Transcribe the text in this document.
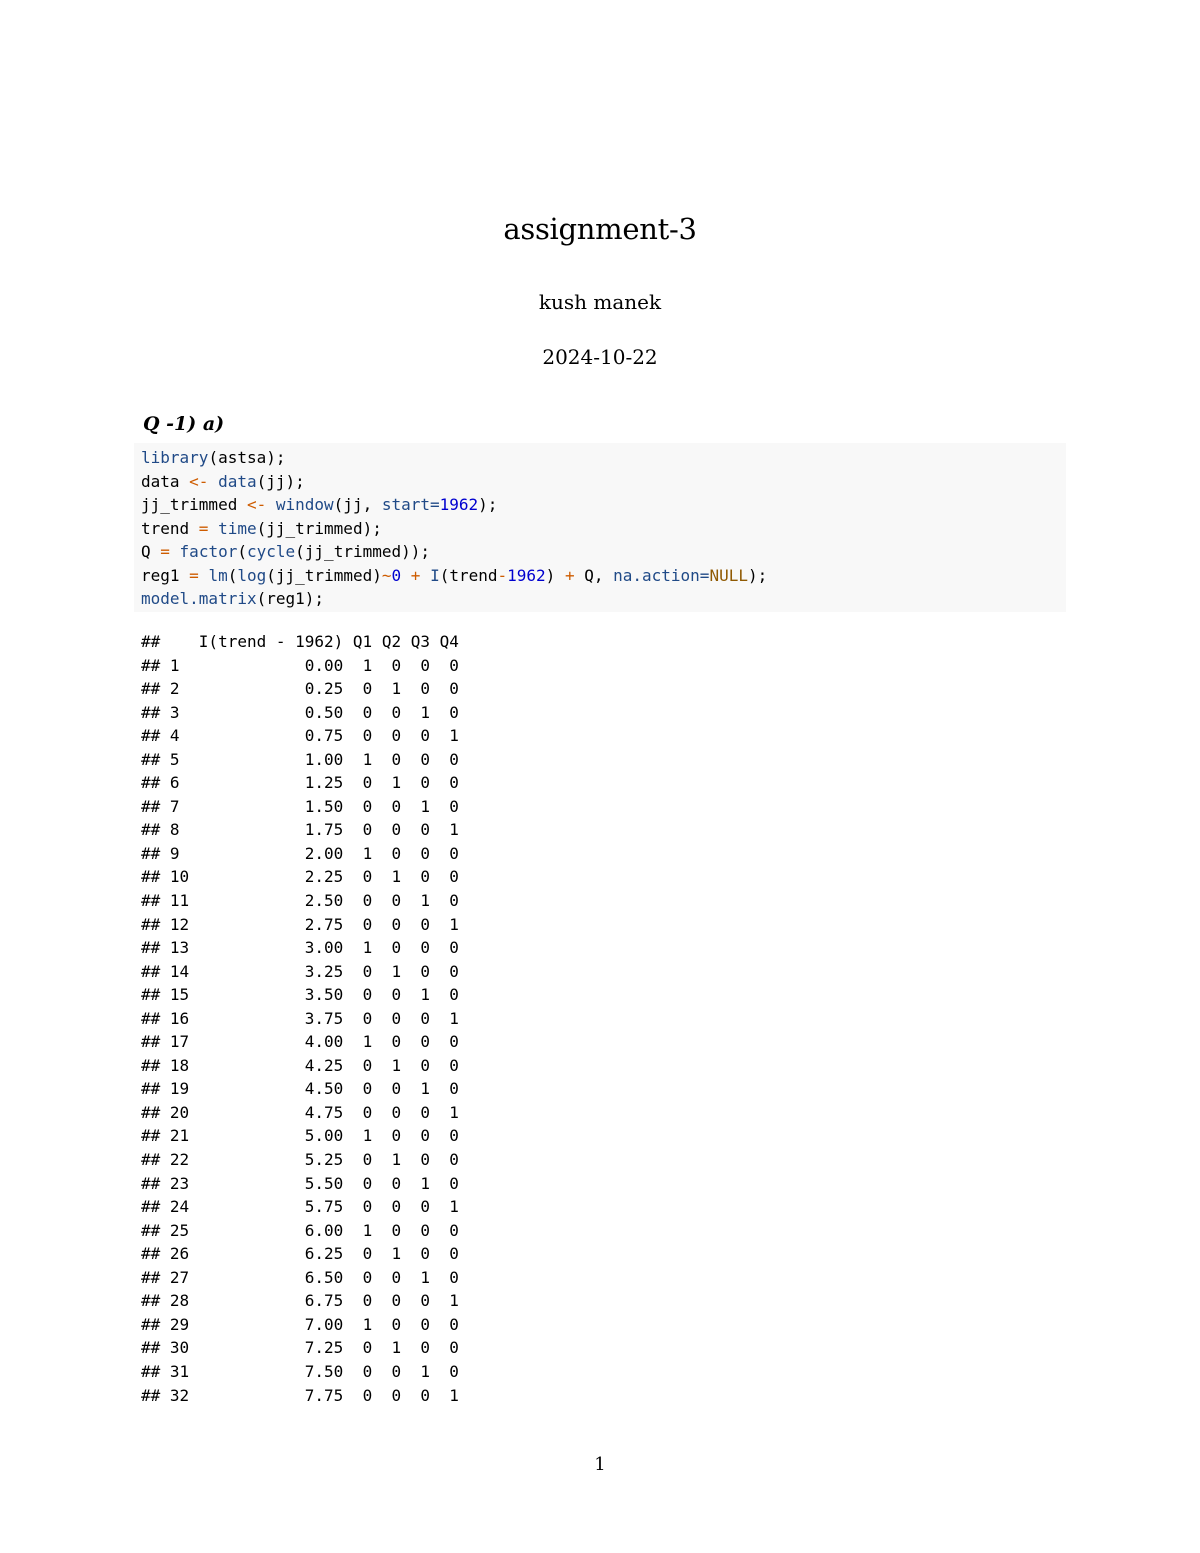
assignment-3
kush manek
2024-10-22
Q -1) a)
library(astsa);
data <- data(jj);
jj_trimmed <- window(jj, start=1962);
trend = time(jj_trimmed);
Q = factor(cycle(jj_trimmed));
reg1 = lm(log(jj_trimmed)~0 + I(trend-1962) + Q, na.action=NULL);
model.matrix(reg1);
##    I(trend - 1962) Q1 Q2 Q3 Q4
## 1             0.00  1  0  0  0
## 2             0.25  0  1  0  0
## 3             0.50  0  0  1  0
## 4             0.75  0  0  0  1
## 5             1.00  1  0  0  0
## 6             1.25  0  1  0  0
## 7             1.50  0  0  1  0
## 8             1.75  0  0  0  1
## 9             2.00  1  0  0  0
## 10            2.25  0  1  0  0
## 11            2.50  0  0  1  0
## 12            2.75  0  0  0  1
## 13            3.00  1  0  0  0
## 14            3.25  0  1  0  0
## 15            3.50  0  0  1  0
## 16            3.75  0  0  0  1
## 17            4.00  1  0  0  0
## 18            4.25  0  1  0  0
## 19            4.50  0  0  1  0
## 20            4.75  0  0  0  1
## 21            5.00  1  0  0  0
## 22            5.25  0  1  0  0
## 23            5.50  0  0  1  0
## 24            5.75  0  0  0  1
## 25            6.00  1  0  0  0
## 26            6.25  0  1  0  0
## 27            6.50  0  0  1  0
## 28            6.75  0  0  0  1
## 29            7.00  1  0  0  0
## 30            7.25  0  1  0  0
## 31            7.50  0  0  1  0
## 32            7.75  0  0  0  1
1
